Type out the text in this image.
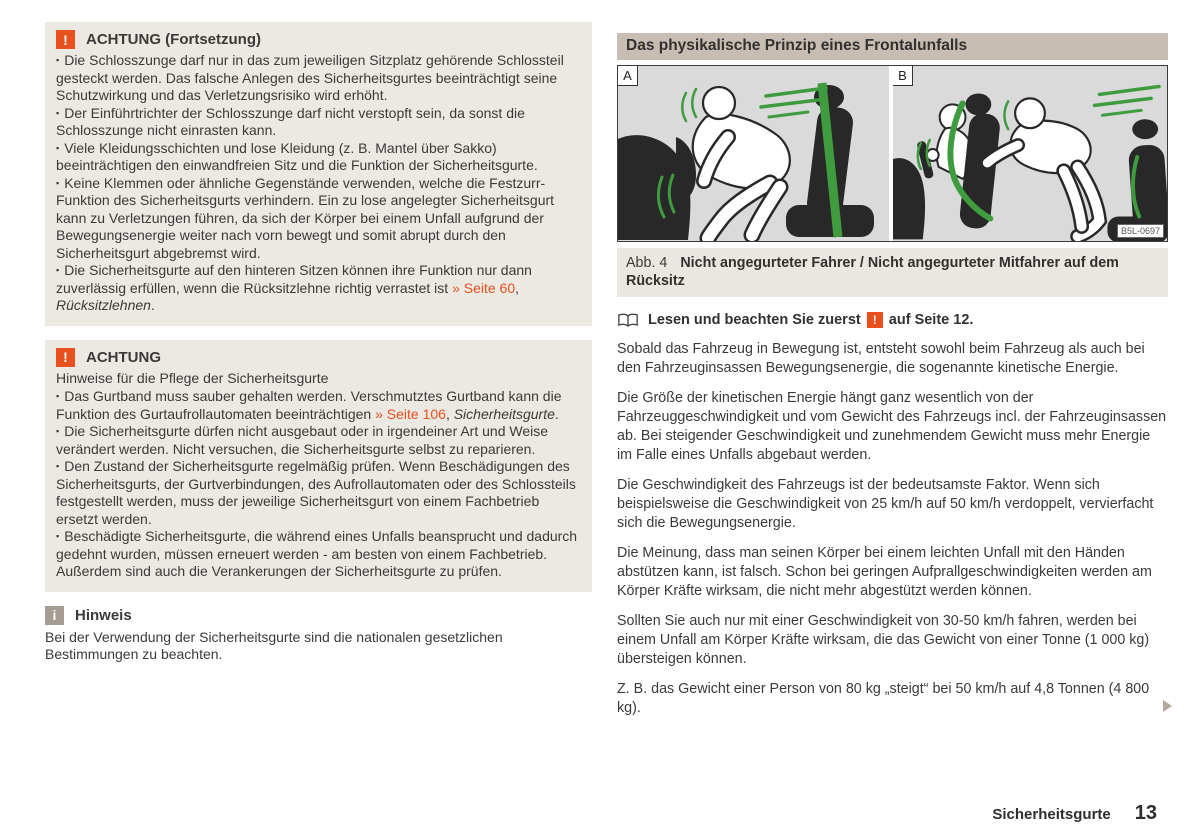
!	ACHTUNG (Fortsetzung)

▪ Die Schlosszunge darf nur in das zum jeweiligen Sitzplatz gehörende Schlossteil gesteckt werden. Das falsche Anlegen des Sicherheitsgurtes beeinträchtigt seine Schutzwirkung und das Verletzungsrisiko wird erhöht.

▪ Der Einführtrichter der Schlosszunge darf nicht verstopft sein, da sonst die Schlosszunge nicht einrasten kann.

▪ Viele Kleidungsschichten und lose Kleidung (z. B. Mantel über Sakko) beeinträchtigen den einwandfreien Sitz und die Funktion der Sicherheitsgurte.

▪ Keine Klemmen oder ähnliche Gegenstände verwenden, welche die Festzurr-Funktion des Sicherheitsgurts verhindern. Ein zu lose angelegter Sicherheitsgurt kann zu Verletzungen führen, da sich der Körper bei einem Unfall aufgrund der Bewegungsenergie weiter nach vorn bewegt und somit abrupt durch den Sicherheitsgurt abgebremst wird.

▪ Die Sicherheitsgurte auf den hinteren Sitzen können ihre Funktion nur dann zuverlässig erfüllen, wenn die Rücksitzlehne richtig verrastet ist » Seite 60, Rücksitzlehnen.

!	ACHTUNG

Hinweise für die Pflege der Sicherheitsgurte

▪ Das Gurtband muss sauber gehalten werden. Verschmutztes Gurtband kann die Funktion des Gurtaufrollautomaten beeinträchtigen » Seite 106, Sicherheitsgurte.

▪ Die Sicherheitsgurte dürfen nicht ausgebaut oder in irgendeiner Art und Weise verändert werden. Nicht versuchen, die Sicherheitsgurte selbst zu reparieren.

▪ Den Zustand der Sicherheitsgurte regelmäßig prüfen. Wenn Beschädigungen des Sicherheitsgurts, der Gurtverbindungen, des Aufrollautomaten oder des Schlossteils festgestellt werden, muss der jeweilige Sicherheitsgurt von einem Fachbetrieb ersetzt werden.

▪ Beschädigte Sicherheitsgurte, die während eines Unfalls beansprucht und dadurch gedehnt wurden, müssen erneuert werden - am besten von einem Fachbetrieb. Außerdem sind auch die Verankerungen der Sicherheitsgurte zu prüfen.

i	Hinweis

Bei der Verwendung der Sicherheitsgurte sind die nationalen gesetzlichen Bestimmungen zu beachten.

Das physikalische Prinzip eines Frontalunfalls
A	B
B5L-0697
Abb. 4 Nicht angegurteter Fahrer / Nicht angegurteter Mitfahrer auf dem Rücksitz
Lesen und beachten Sie zuerst ! auf Seite 12.

Sobald das Fahrzeug in Bewegung ist, entsteht sowohl beim Fahrzeug als auch bei den Fahrzeuginsassen Bewegungsenergie, die sogenannte kinetische Energie.

Die Größe der kinetischen Energie hängt ganz wesentlich von der Fahrzeuggeschwindigkeit und vom Gewicht des Fahrzeugs incl. der Fahrzeuginsassen ab. Bei steigender Geschwindigkeit und zunehmendem Gewicht muss mehr Energie im Falle eines Unfalls abgebaut werden.

Die Geschwindigkeit des Fahrzeugs ist der bedeutsamste Faktor. Wenn sich beispielsweise die Geschwindigkeit von 25 km/h auf 50 km/h verdoppelt, vervierfacht sich die Bewegungsenergie.

Die Meinung, dass man seinen Körper bei einem leichten Unfall mit den Händen abstützen kann, ist falsch. Schon bei geringen Aufprallgeschwindigkeiten werden am Körper Kräfte wirksam, die nicht mehr abgestützt werden können.

Sollten Sie auch nur mit einer Geschwindigkeit von 30-50 km/h fahren, werden bei einem Unfall am Körper Kräfte wirksam, die das Gewicht von einer Tonne (1 000 kg) übersteigen können.

Z. B. das Gewicht einer Person von 80 kg „steigt“ bei 50 km/h auf 4,8 Tonnen (4 800 kg).

Sicherheitsgurte 13
